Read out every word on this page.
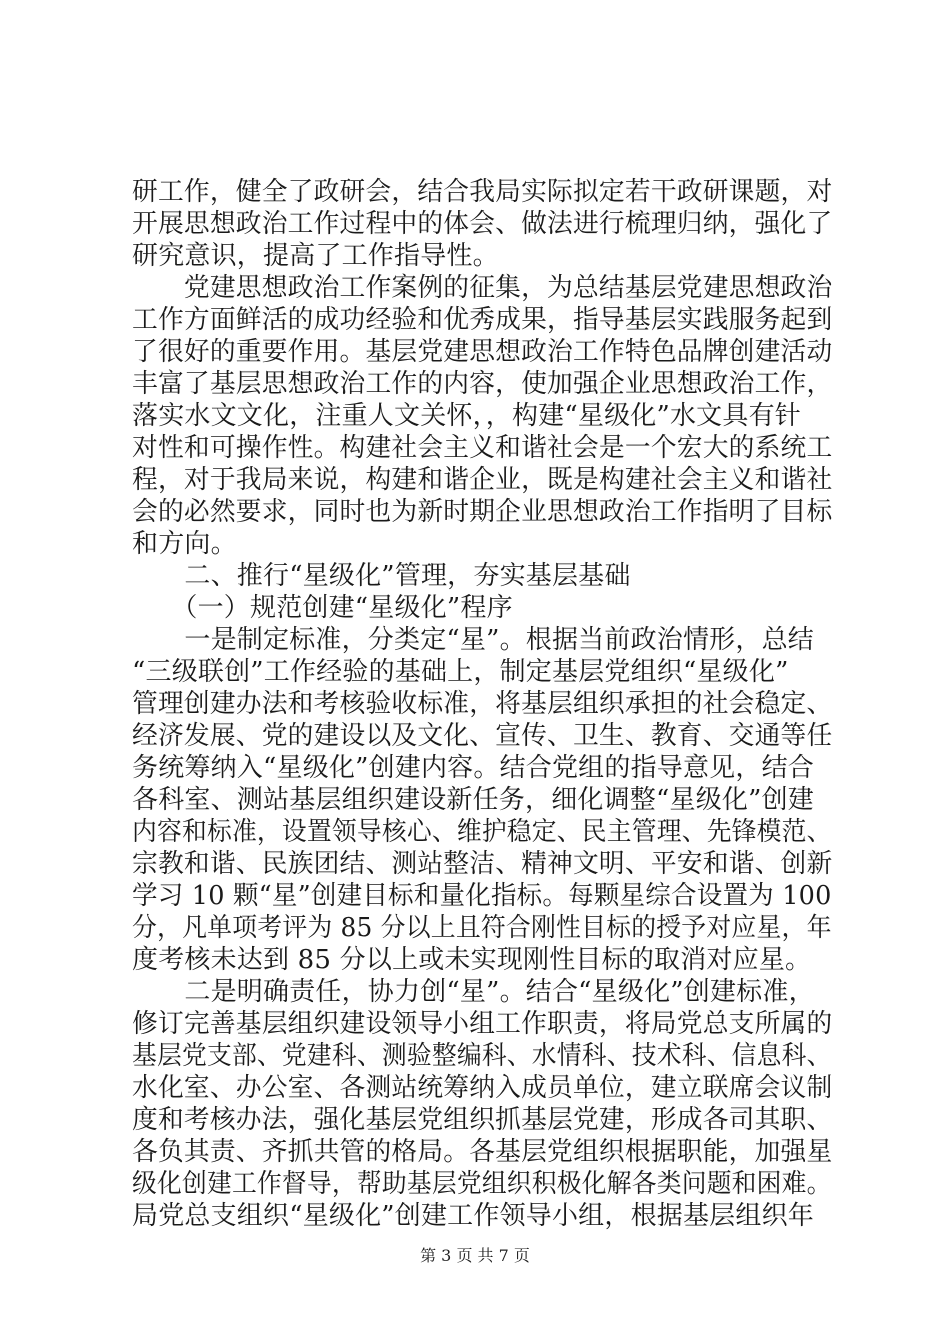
研工作，健全了政研会，结合我局实际拟定若干政研课题，对
开展思想政治工作过程中的体会、做法进行梳理归纳，强化了
研究意识，提高了工作指导性。
　　党建思想政治工作案例的征集，为总结基层党建思想政治
工作方面鲜活的成功经验和优秀成果，指导基层实践服务起到
了很好的重要作用。基层党建思想政治工作特色品牌创建活动
丰富了基层思想政治工作的内容，使加强企业思想政治工作，
落实水文文化，注重人文关怀，，构建“星级化”水文具有针
对性和可操作性。构建社会主义和谐社会是一个宏大的系统工
程，对于我局来说，构建和谐企业，既是构建社会主义和谐社
会的必然要求，同时也为新时期企业思想政治工作指明了目标
和方向。
　　二、推行“星级化”管理，夯实基层基础
　　（一）规范创建“星级化”程序
　　一是制定标准，分类定“星”。根据当前政治情形，总结
“三级联创”工作经验的基础上，制定基层党组织“星级化”
管理创建办法和考核验收标准，将基层组织承担的社会稳定、
经济发展、党的建设以及文化、宣传、卫生、教育、交通等任
务统筹纳入“星级化”创建内容。结合党组的指导意见，结合
各科室、测站基层组织建设新任务，细化调整“星级化”创建
内容和标准，设置领导核心、维护稳定、民主管理、先锋模范、
宗教和谐、民族团结、测站整洁、精神文明、平安和谐、创新
学习 10 颗“星”创建目标和量化指标。每颗星综合设置为 100
分，凡单项考评为 85 分以上且符合刚性目标的授予对应星，年
度考核未达到 85 分以上或未实现刚性目标的取消对应星。
　　二是明确责任，协力创“星”。结合“星级化”创建标准，
修订完善基层组织建设领导小组工作职责，将局党总支所属的
基层党支部、党建科、测验整编科、水情科、技术科、信息科、
水化室、办公室、各测站统筹纳入成员单位，建立联席会议制
度和考核办法，强化基层党组织抓基层党建，形成各司其职、
各负其责、齐抓共管的格局。各基层党组织根据职能，加强星
级化创建工作督导，帮助基层党组织积极化解各类问题和困难。
局党总支组织“星级化”创建工作领导小组，根据基层组织年
第 3 页 共 7 页
